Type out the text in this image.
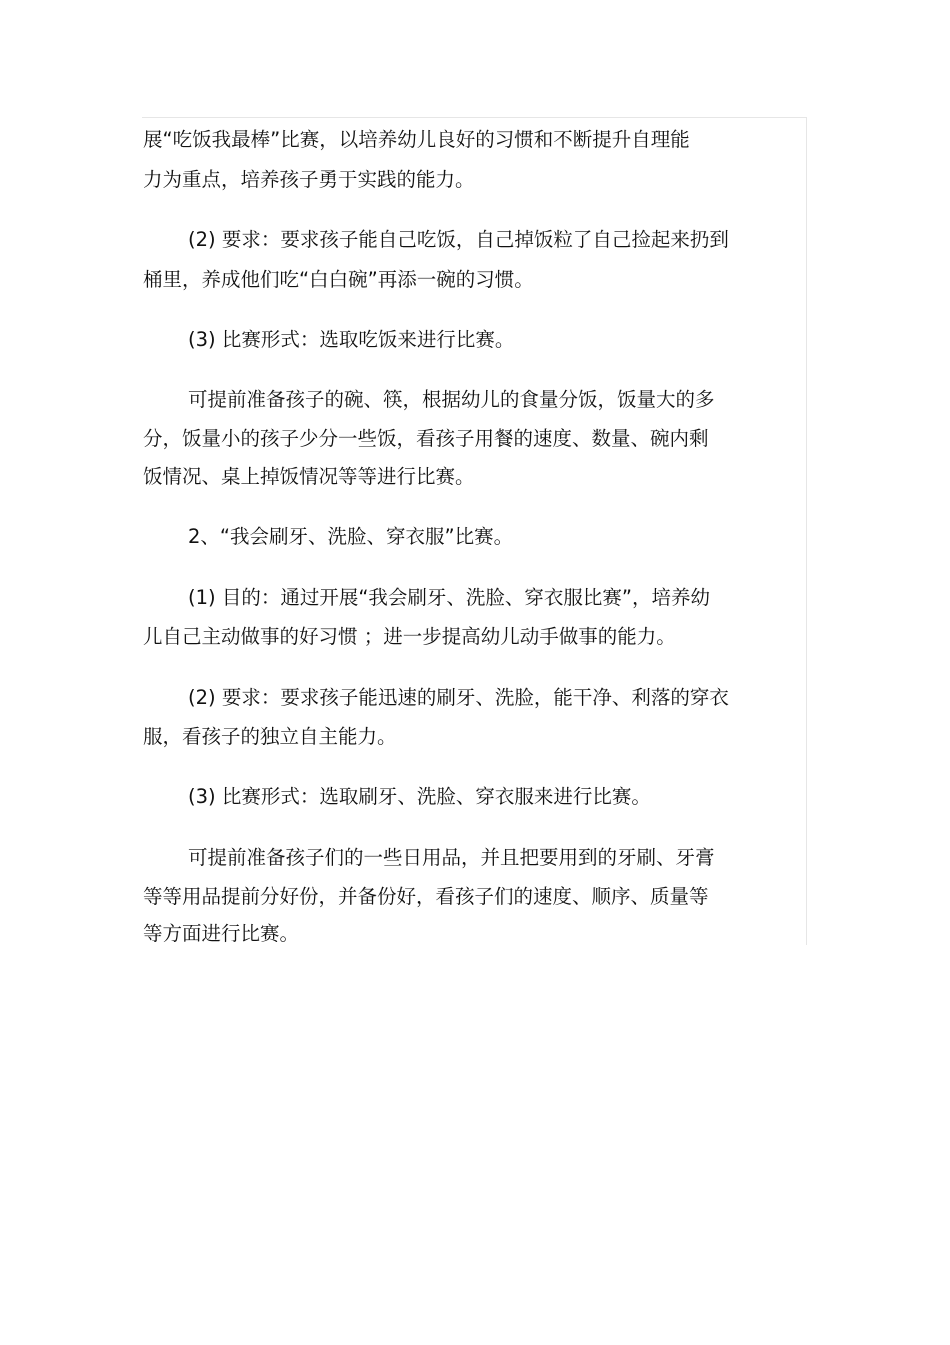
展“吃饭我最棒”比赛，以培养幼儿良好的习惯和不断提升自理能
力为重点，培养孩子勇于实践的能力。
(2) 要求：要求孩子能自己吃饭，自己掉饭粒了自己捡起来扔到
桶里，养成他们吃“白白碗”再添一碗的习惯。
(3) 比赛形式：选取吃饭来进行比赛。
可提前准备孩子的碗、筷，根据幼儿的食量分饭，饭量大的多
分，饭量小的孩子少分一些饭，看孩子用餐的速度、数量、碗内剩
饭情况、桌上掉饭情况等等进行比赛。
2、“我会刷牙、洗脸、穿衣服”比赛。
(1) 目的：通过开展“我会刷牙、洗脸、穿衣服比赛”，培养幼
儿自己主动做事的好习惯 ；进一步提高幼儿动手做事的能力。
(2) 要求：要求孩子能迅速的刷牙、洗脸，能干净、利落的穿衣
服，看孩子的独立自主能力。
(3) 比赛形式：选取刷牙、洗脸、穿衣服来进行比赛。
可提前准备孩子们的一些日用品，并且把要用到的牙刷、牙膏
等等用品提前分好份，并备份好，看孩子们的速度、顺序、质量等
等方面进行比赛。
